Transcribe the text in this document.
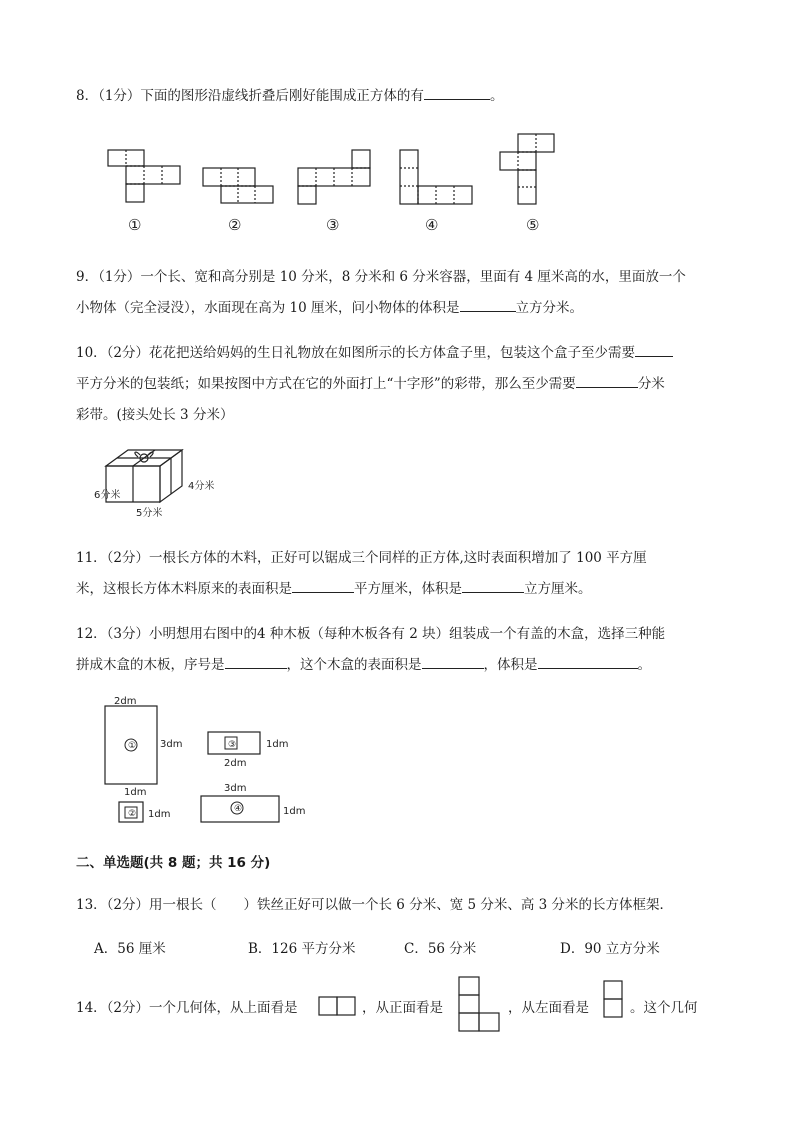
8．（1分）下面的图形沿虚线折叠后刚好能围成正方体的有	。
①	②	③	④	⑤
9．（1分）一个长、宽和高分别是 10 分米，8 分米和 6 分米容器，里面有 4 厘米高的水，里面放一个
小物体（完全浸没），水面现在高为 10 厘米，问小物体的体积是	立方分米。
10．（2分）花花把送给妈妈的生日礼物放在如图所示的长方体盒子里，包装这个盒子至少需要
平方分米的包装纸；如果按图中方式在它的外面打上“十字形”的彩带，那么至少需要	分米
彩带。(接头处长 3 分米）
4分米
6分米
5分米
11．（2分）一根长方体的木料，正好可以锯成三个同样的正方体,这时表面积增加了 100 平方厘
米，这根长方体木料原来的表面积是	平方厘米，体积是	立方厘米。
12．（3分）小明想用右图中的4 种木板（每种木板各有 2 块）组装成一个有盖的木盒，选择三种能
拼成木盒的木板，序号是	，这个木盒的表面积是	，体积是	。
①
2dm
3dm	③	1dm
2dm
1dm
② 1dm
3dm
④	1dm
二、单选题(共 8 题；共 16 分)
13．（2分）用一根长（　　）铁丝正好可以做一个长 6 分米、宽 5 分米、高 3 分米的长方体框架．
A．56 厘米	B．126 平方分米	C．56 分米	D．90 立方分米
14．（2分）一个几何体，从上面看是	，从正面看是	，从左面看是	。这个几何
